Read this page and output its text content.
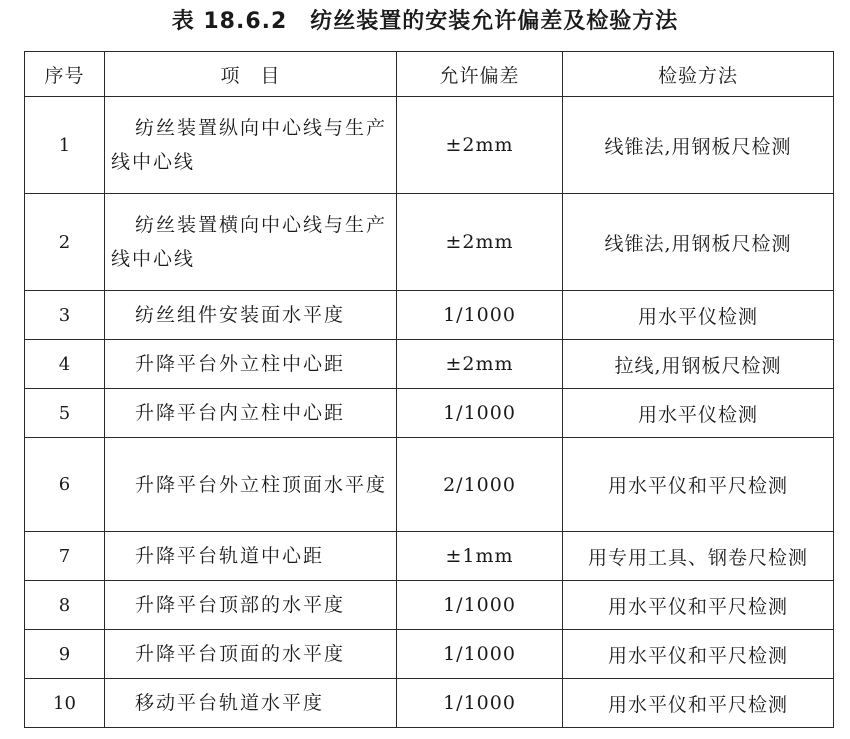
表 18.6.2　纺丝装置的安装允许偏差及检验方法
序号	项　目	允许偏差	检验方法
1	纺丝装置纵向中心线与生产线中心线	±2mm	线锥法,用钢板尺检测
2	纺丝装置横向中心线与生产线中心线	±2mm	线锥法,用钢板尺检测
3	纺丝组件安装面水平度	1/1000	用水平仪检测
4	升降平台外立柱中心距	±2mm	拉线,用钢板尺检测
5	升降平台内立柱中心距	1/1000	用水平仪检测
6	升降平台外立柱顶面水平度	2/1000	用水平仪和平尺检测
7	升降平台轨道中心距	±1mm	用专用工具、钢卷尺检测
8	升降平台顶部的水平度	1/1000	用水平仪和平尺检测
9	升降平台顶面的水平度	1/1000	用水平仪和平尺检测
10	移动平台轨道水平度	1/1000	用水平仪和平尺检测
